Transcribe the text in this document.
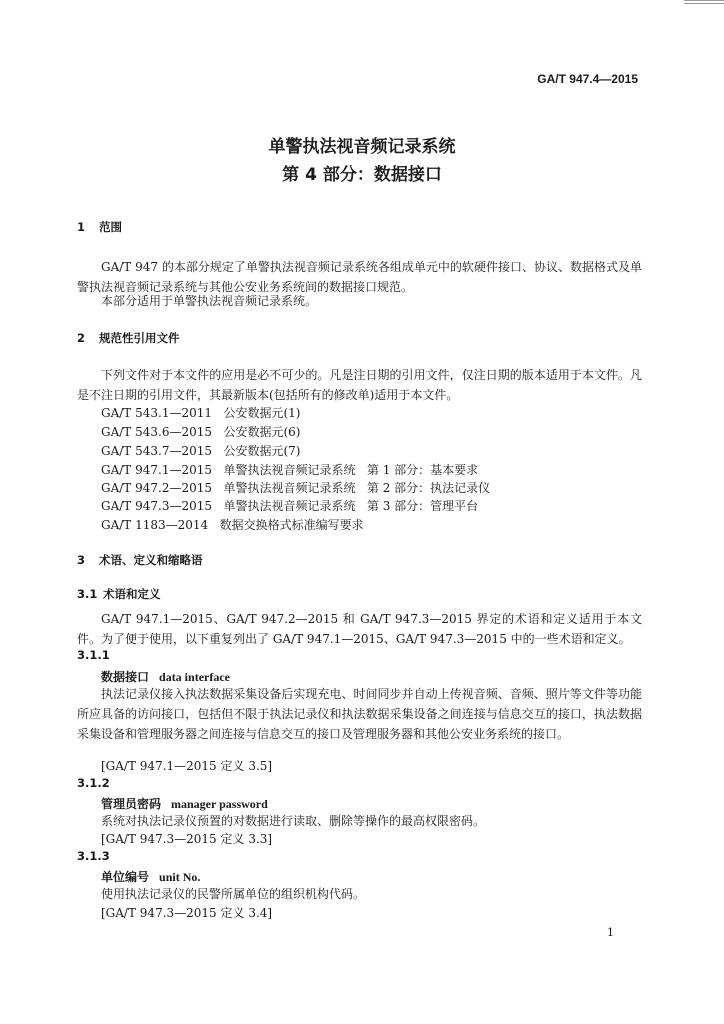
GA/T 947.4—2015
单警执法视音频记录系统
第 4 部分：数据接口
1 范围
GA/T 947 的本部分规定了单警执法视音频记录系统各组成单元中的软硬件接口、协议、数据格式及单警执法视音频记录系统与其他公安业务系统间的数据接口规范。
本部分适用于单警执法视音频记录系统。
2 规范性引用文件
下列文件对于本文件的应用是必不可少的。凡是注日期的引用文件，仅注日期的版本适用于本文件。凡是不注日期的引用文件，其最新版本(包括所有的修改单)适用于本文件。
GA/T 543.1—2011   公安数据元(1)
GA/T 543.6—2015   公安数据元(6)
GA/T 543.7—2015   公安数据元(7)
GA/T 947.1—2015   单警执法视音频记录系统   第 1 部分：基本要求
GA/T 947.2—2015   单警执法视音频记录系统   第 2 部分：执法记录仪
GA/T 947.3—2015   单警执法视音频记录系统   第 3 部分：管理平台
GA/T 1183—2014   数据交换格式标准编写要求
3 术语、定义和缩略语
3.1 术语和定义
GA/T 947.1—2015、GA/T 947.2—2015 和 GA/T 947.3—2015 界定的术语和定义适用于本文件。为了便于使用，以下重复列出了 GA/T 947.1—2015、GA/T 947.3—2015 中的一些术语和定义。
3.1.1
数据接口 data interface
执法记录仪接入执法数据采集设备后实现充电、时间同步并自动上传视音频、音频、照片等文件等功能所应具备的访问接口，包括但不限于执法记录仪和执法数据采集设备之间连接与信息交互的接口，执法数据采集设备和管理服务器之间连接与信息交互的接口及管理服务器和其他公安业务系统的接口。
[GA/T 947.1—2015 定义 3.5]
3.1.2
管理员密码 manager password
系统对执法记录仪预置的对数据进行读取、删除等操作的最高权限密码。
[GA/T 947.3—2015 定义 3.3]
3.1.3
单位编号 unit No.
使用执法记录仪的民警所属单位的组织机构代码。
[GA/T 947.3—2015 定义 3.4]
1
